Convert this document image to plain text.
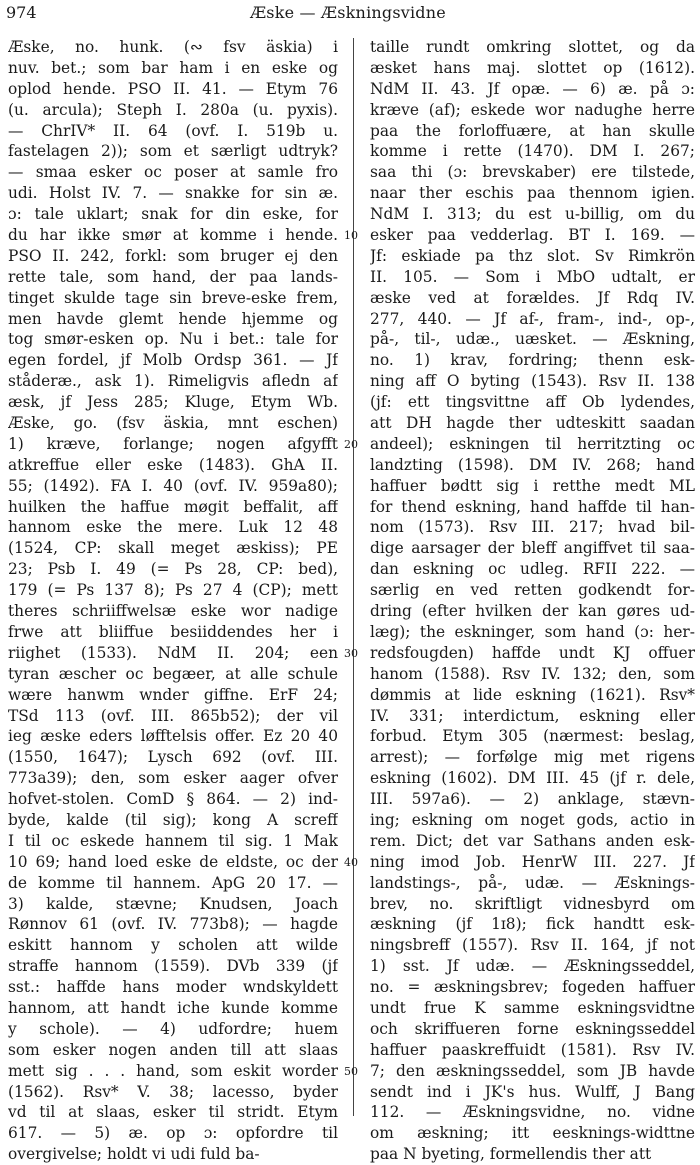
974	Æske — Æskningsvidne
Æske, no. hunk. (∾ fsv äskia) i
nuv. bet.; som bar ham i en eske og
oplod hende. PSO II. 41. — Etym 76
(u. arcula); Steph I. 280a (u. pyxis).
— ChrIV* II. 64 (ovf. I. 519b u.
fastelagen 2)); som et særligt udtryk?
— smaa esker oc poser at samle fro
udi. Holst IV. 7. — snakke for sin æ.
ɔ: tale uklart; snak for din eske, for
du har ikke smør at komme i hende.
PSO II. 242, forkl: som bruger ej den
rette tale, som hand, der paa lands-
tinget skulde tage sin breve-eske frem,
men havde glemt hende hjemme og
tog smør-esken op. Nu i bet.: tale for
egen fordel, jf Molb Ordsp 361. — Jf
ståderæ., ask 1). Rimeligvis afledn af
æsk, jf Jess 285; Kluge, Etym Wb.
Æske, go. (fsv äskia, mnt eschen)
1) kræve, forlange; nogen afgyfft
atkreffue eller eske (1483). GhA II.
55; (1492). FA I. 40 (ovf. IV. 959a80);
huilken the haffue møgit beffalit, aff
hannom eske the mere. Luk 12 48
(1524, CP: skall meget æskiss); PE
23; Psb I. 49 (= Ps 28, CP: bed),
179 (= Ps 137 8); Ps 27 4 (CP); mett
theres schriiffwelsæ eske wor nadige
frwe att bliiffue besiiddendes her i
riighet (1533). NdM II. 204; een
tyran æscher oc begæer, at alle schule
wære hanwm wnder giffne. ErF 24;
TSd 113 (ovf. III. 865b52); der vil
ieg æske eders løfftelsis offer. Ez 20 40
(1550, 1647); Lysch 692 (ovf. III.
773a39); den, som esker aager ofver
hofvet-stolen. ComD § 864. — 2) ind-
byde, kalde (til sig); kong A screff
I til oc eskede hannem til sig. 1 Mak
10 69; hand loed eske de eldste, oc der
de komme til hannem. ApG 20 17. —
3) kalde, stævne; Knudsen, Joach
Rønnov 61 (ovf. IV. 773b8); — hagde
eskitt hannom y scholen att wilde
straffe hannom (1559). DVb 339 (jf
sst.: haffde hans moder wndskyldett
hannom, att handt iche kunde komme
y schole). — 4) udfordre; huem
som esker nogen anden till att slaas
mett sig . . . hand, som eskit worder
(1562). Rsv* V. 38; lacesso, byder
vd til at slaas, esker til stridt. Etym
617. — 5) æ. op ɔ: opfordre til
overgivelse; holdt vi udi fuld ba-
10
20
30
40
50
taille rundt omkring slottet, og da
æsket hans maj. slottet op (1612).
NdM II. 43. Jf opæ. — 6) æ. på ɔ:
kræve (af); eskede wor nadughe herre
paa the forloffuære, at han skulle
komme i rette (1470). DM I. 267;
saa thi (ɔ: brevskaber) ere tilstede,
naar ther eschis paa thennom igien.
NdM I. 313; du est u-billig, om du
esker paa vedderlag. BT I. 169. —
Jf: eskiade pa thz slot. Sv Rimkrön
II. 105. — Som i MbO udtalt, er
æske ved at forældes. Jf Rdq IV.
277, 440. — Jf af-, fram-, ind-, op-,
på-, til-, udæ., uæsket. — Æskning,
no. 1) krav, fordring; thenn esk-
ning aff O byting (1543). Rsv II. 138
(jf: ett tingsvittne aff Ob lydendes,
att DH hagde ther udteskitt saadan
andeel); eskningen til herritzting oc
landzting (1598). DM IV. 268; hand
haffuer bødtt sig i retthe medt ML
for thend eskning, hand haffde til han-
nom (1573). Rsv III. 217; hvad bil-
dige aarsager der bleff angiffvet til saa-
dan eskning oc udleg. RFII 222. —
særlig en ved retten godkendt for-
dring (efter hvilken der kan gøres ud-
læg); the eskninger, som hand (ɔ: her-
redsfougden) haffde undt KJ offuer
hanom (1588). Rsv IV. 132; den, som
dømmis at lide eskning (1621). Rsv*
IV. 331; interdictum, eskning eller
forbud. Etym 305 (nærmest: beslag,
arrest); — forfølge mig met rigens
eskning (1602). DM III. 45 (jf r. dele,
III. 597a6). — 2) anklage, stævn-
ing; eskning om noget gods, actio in
rem. Dict; det var Sathans anden esk-
ning imod Job. HenrW III. 227. Jf
landstings-, på-, udæ. — Æsknings-
brev, no. skriftligt vidnesbyrd om
æskning (jf 1ɪ8); fick handtt esk-
ningsbreff (1557). Rsv II. 164, jf not
1) sst. Jf udæ. — Æskningsseddel,
no. = æskningsbrev; fogeden haffuer
undt frue K samme eskningsvidtne
och skriffueren forne eskningsseddel
haffuer paaskreffuidt (1581). Rsv IV.
7; den æskningsseddel, som JB havde
sendt ind i JK's hus. Wulff, J Bang
112. — Æskningsvidne, no. vidne
om æskning; itt eesknings-widttne
paa N byeting, formellendis ther att
